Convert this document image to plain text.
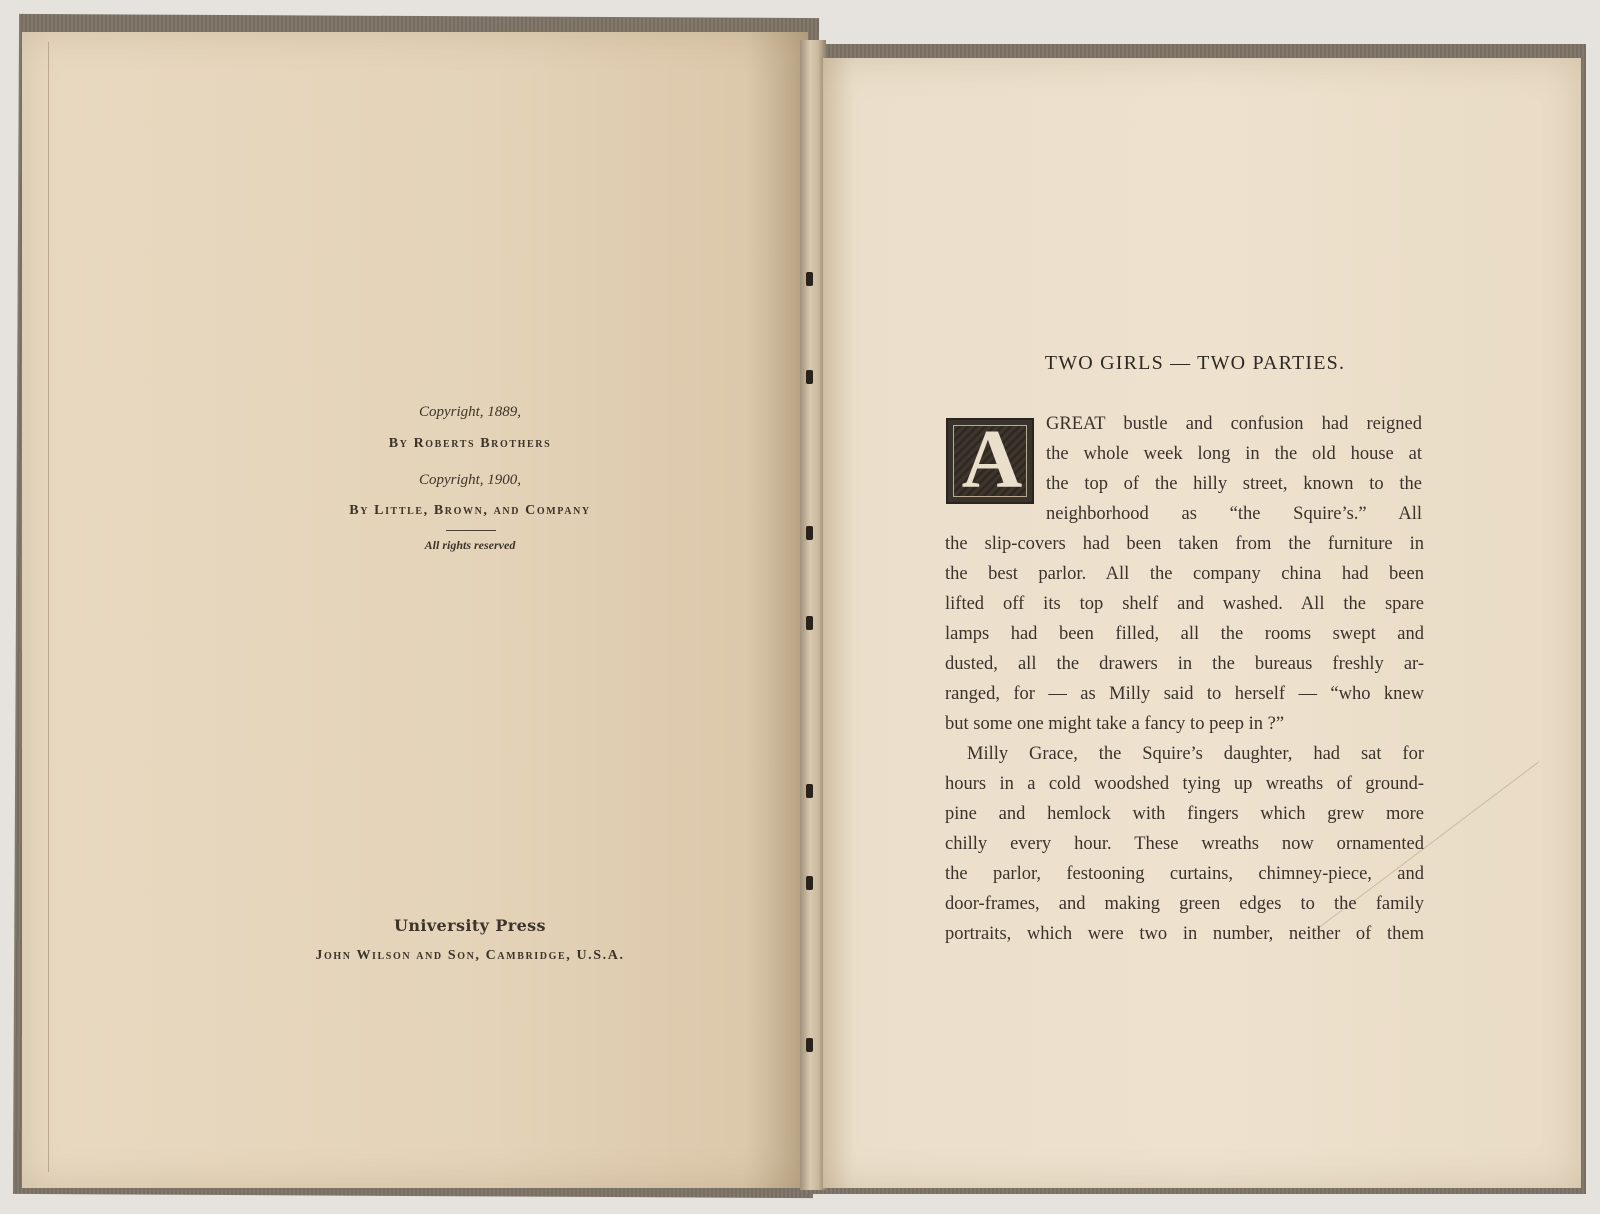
Copyright, 1889,
By Roberts Brothers
Copyright, 1900,
By Little, Brown, and Company
All rights reserved
University Press
John Wilson and Son, Cambridge, U.S.A.
TWO GIRLS — TWO PARTIES.
A	GREAT bustle and confusion had reigned

the whole week long in the old house at

the top of the hilly street, known to the

neighborhood as “the Squire’s.” All

the slip-covers had been taken from the furniture in

the best parlor. All the company china had been

lifted off its top shelf and washed. All the spare

lamps had been filled, all the rooms swept and

dusted, all the drawers in the bureaus freshly ar-

ranged, for — as Milly said to herself — “who knew

but some one might take a fancy to peep in ?”

Milly Grace, the Squire’s daughter, had sat for

hours in a cold woodshed tying up wreaths of ground-

pine and hemlock with fingers which grew more

chilly every hour. These wreaths now ornamented

the parlor, festooning curtains, chimney-piece, and

door-frames, and making green edges to the family

portraits, which were two in number, neither of them
